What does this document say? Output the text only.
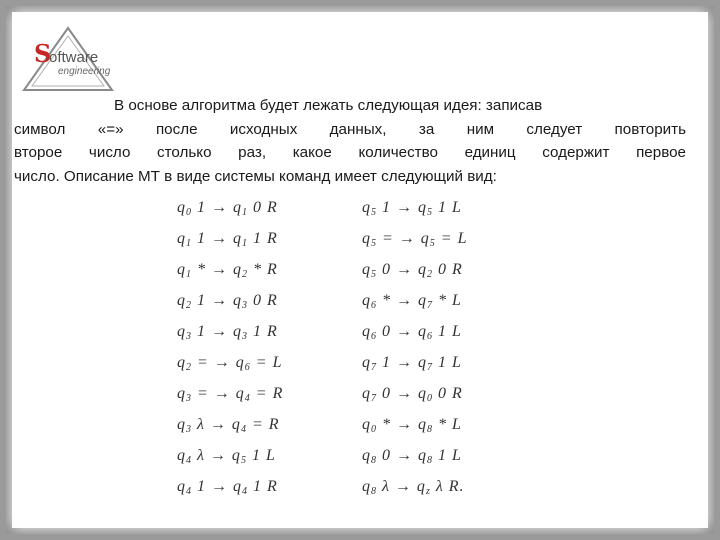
S
oftware
engineering
В основе алгоритма будет лежать следующая идея: записав
символ «=» после исходных данных, за ним следует повторить
второе число столько раз, какое количество единиц содержит первое
число. Описание МТ в виде системы команд имеет следующий вид:
$q_0$ $1 \to q_1$ 0 R
$q_1$ $1 \to q_1$ 1 R
$q_1$ * → $q_2$ * R
$q_2$ $1 \to q_3$ 0 R
$q_3$ $1 \to q_3$ 1 R
$q_2$ = → $q_6 = L$
$q_3$ = → $q_4 = R$
$q_3$ $\lambda \to q_4 = R$
$q_4$ $\lambda \to q_5$ 1 L
$q_4$ $1 \to q_4$ 1 R
$q_5$ $1 \to q_5$ 1 L
$q_5$ = → $q_5 = L$
$q_5$ $0 \to q_2$ 0 R
$q_6$ * → $q_7$ * L
$q_6$ $0 \to q_6$ 1 L
$q_7$ $1 \to q_7$ 1 L
$q_7$ $0 \to q_0$ 0 R
$q_0$ * → $q_8$ * L
$q_8$ $0 \to q_8$ 1 L
$q_8$ $\lambda \to q_z$ λ R.
